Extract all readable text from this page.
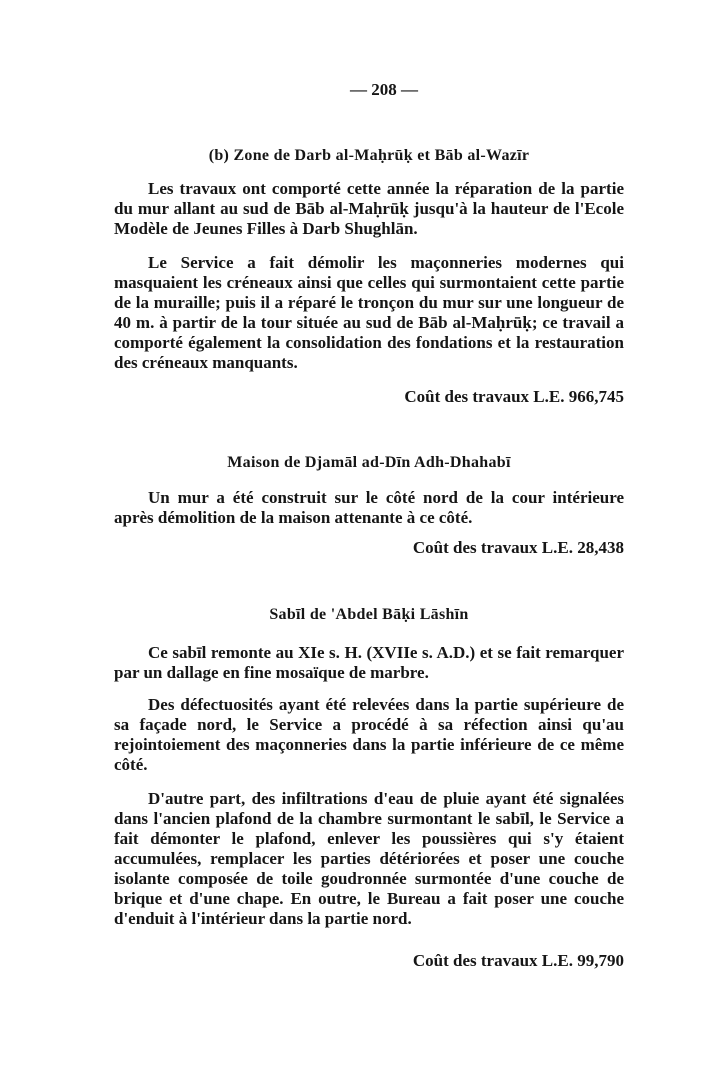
— 208 —
(b) Zone de Darb al-Maḥrūḳ et Bāb al-Wazīr

Les travaux ont comporté cette année la réparation de la partie du mur allant au sud de Bāb al-Maḥrūḳ jusqu'à la hauteur de l'Ecole Modèle de Jeunes Filles à Darb Shughlān.

Le Service a fait démolir les maçonneries modernes qui masquaient les créneaux ainsi que celles qui surmontaient cette partie de la muraille; puis il a réparé le tronçon du mur sur une longueur de 40 m. à partir de la tour située au sud de Bāb al-Maḥrūḳ; ce travail a comporté également la consolidation des fondations et la restauration des créneaux manquants.

Coût des travaux L.E. 966,745

Maison de Djamāl ad-Dīn Adh-Dhahabī

Un mur a été construit sur le côté nord de la cour intérieure après démolition de la maison attenante à ce côté.

Coût des travaux L.E. 28,438

Sabīl de 'Abdel Bāḳi Lāshīn

Ce sabīl remonte au XIe s. H. (XVIIe s. A.D.) et se fait remarquer par un dallage en fine mosaïque de marbre.

Des défectuosités ayant été relevées dans la partie supérieure de sa façade nord, le Service a procédé à sa réfection ainsi qu'au rejointoiement des maçonneries dans la partie inférieure de ce même côté.

D'autre part, des infiltrations d'eau de pluie ayant été signalées dans l'ancien plafond de la chambre surmontant le sabīl, le Service a fait démonter le plafond, enlever les poussières qui s'y étaient accumulées, remplacer les parties détériorées et poser une couche isolante composée de toile goudronnée surmontée d'une couche de brique et d'une chape. En outre, le Bureau a fait poser une couche d'enduit à l'intérieur dans la partie nord.

Coût des travaux L.E. 99,790
